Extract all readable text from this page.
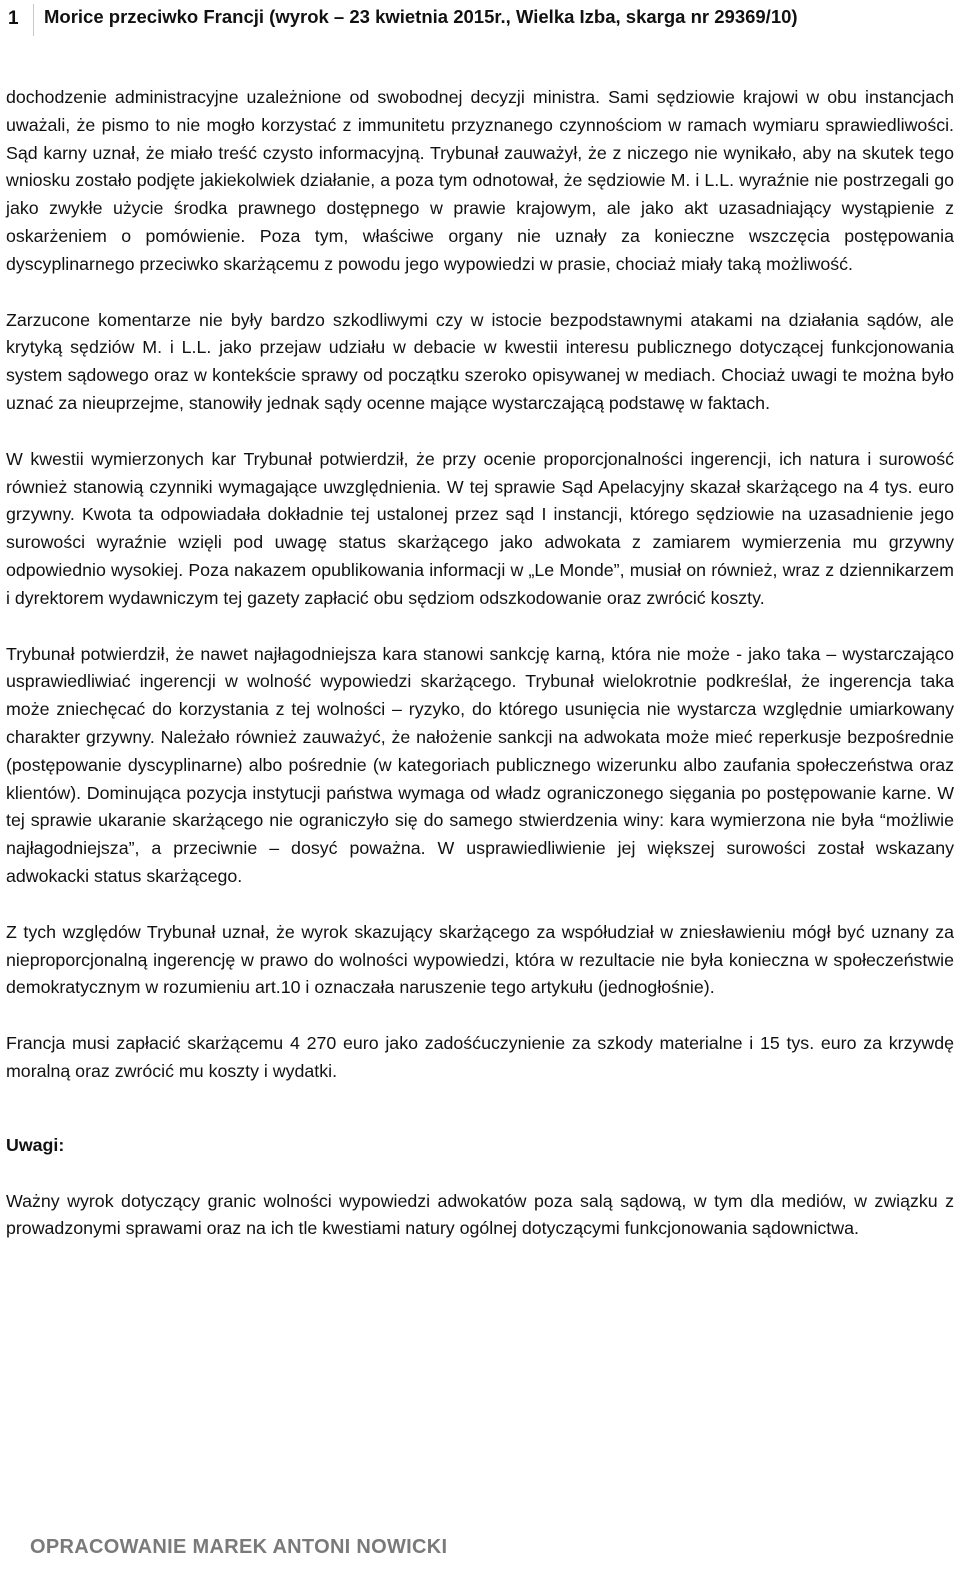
1 Morice przeciwko Francji (wyrok – 23 kwietnia 2015r., Wielka Izba, skarga nr 29369/10)

dochodzenie administracyjne uzależnione od swobodnej decyzji ministra. Sami sędziowie krajowi w obu instancjach uważali, że pismo to nie mogło korzystać z immunitetu przyznanego czynnościom w ramach wymiaru sprawiedliwości. Sąd karny uznał, że miało treść czysto informacyjną. Trybunał zauważył, że z niczego nie wynikało, aby na skutek tego wniosku zostało podjęte jakiekolwiek działanie, a poza tym odnotował, że sędziowie M. i L.L. wyraźnie nie postrzegali go jako zwykłe użycie środka prawnego dostępnego w prawie krajowym, ale jako akt uzasadniający wystąpienie z oskarżeniem o pomówienie. Poza tym, właściwe organy nie uznały za konieczne wszczęcia postępowania dyscyplinarnego przeciwko skarżącemu z powodu jego wypowiedzi w prasie, chociaż miały taką możliwość.

Zarzucone komentarze nie były bardzo szkodliwymi czy w istocie bezpodstawnymi atakami na działania sądów, ale krytyką sędziów M. i L.L. jako przejaw udziału w debacie w kwestii interesu publicznego dotyczącej funkcjonowania system sądowego oraz w kontekście sprawy od początku szeroko opisywanej w mediach. Chociaż uwagi te można było uznać za nieuprzejme, stanowiły jednak sądy ocenne mające wystarczającą podstawę w faktach.

W kwestii wymierzonych kar Trybunał potwierdził, że przy ocenie proporcjonalności ingerencji, ich natura i surowość również stanowią czynniki wymagające uwzględnienia. W tej sprawie Sąd Apelacyjny skazał skarżącego na 4 tys. euro grzywny. Kwota ta odpowiadała dokładnie tej ustalonej przez sąd I instancji, którego sędziowie na uzasadnienie jego surowości wyraźnie wzięli pod uwagę status skarżącego jako adwokata z zamiarem wymierzenia mu grzywny odpowiednio wysokiej. Poza nakazem opublikowania informacji w „Le Monde”, musiał on również, wraz z dziennikarzem i dyrektorem wydawniczym tej gazety zapłacić obu sędziom odszkodowanie oraz zwrócić koszty.

Trybunał potwierdził, że nawet najłagodniejsza kara stanowi sankcję karną, która nie może - jako taka – wystarczająco usprawiedliwiać ingerencji w wolność wypowiedzi skarżącego. Trybunał wielokrotnie podkreślał, że ingerencja taka może zniechęcać do korzystania z tej wolności – ryzyko, do którego usunięcia nie wystarcza względnie umiarkowany charakter grzywny. Należało również zauważyć, że nałożenie sankcji na adwokata może mieć reperkusje bezpośrednie (postępowanie dyscyplinarne) albo pośrednie (w kategoriach publicznego wizerunku albo zaufania społeczeństwa oraz klientów). Dominująca pozycja instytucji państwa wymaga od władz ograniczonego sięgania po postępowanie karne. W tej sprawie ukaranie skarżącego nie ograniczyło się do samego stwierdzenia winy: kara wymierzona nie była “możliwie najłagodniejsza”, a przeciwnie – dosyć poważna. W usprawiedliwienie jej większej surowości został wskazany adwokacki status skarżącego.

Z tych względów Trybunał uznał, że wyrok skazujący skarżącego za współudział w zniesławieniu mógł być uznany za nieproporcjonalną ingerencję w prawo do wolności wypowiedzi, która w rezultacie nie była konieczna w społeczeństwie demokratycznym w rozumieniu art.10 i oznaczała naruszenie tego artykułu (jednogłośnie).

Francja musi zapłacić skarżącemu 4 270 euro jako zadośćuczynienie za szkody materialne i 15 tys. euro za krzywdę moralną oraz zwrócić mu koszty i wydatki.

Uwagi:

Ważny wyrok dotyczący granic wolności wypowiedzi adwokatów poza salą sądową, w tym dla mediów, w związku z prowadzonymi sprawami oraz na ich tle kwestiami natury ogólnej dotyczącymi funkcjonowania sądownictwa.

OPRACOWANIE MAREK ANTONI NOWICKI
